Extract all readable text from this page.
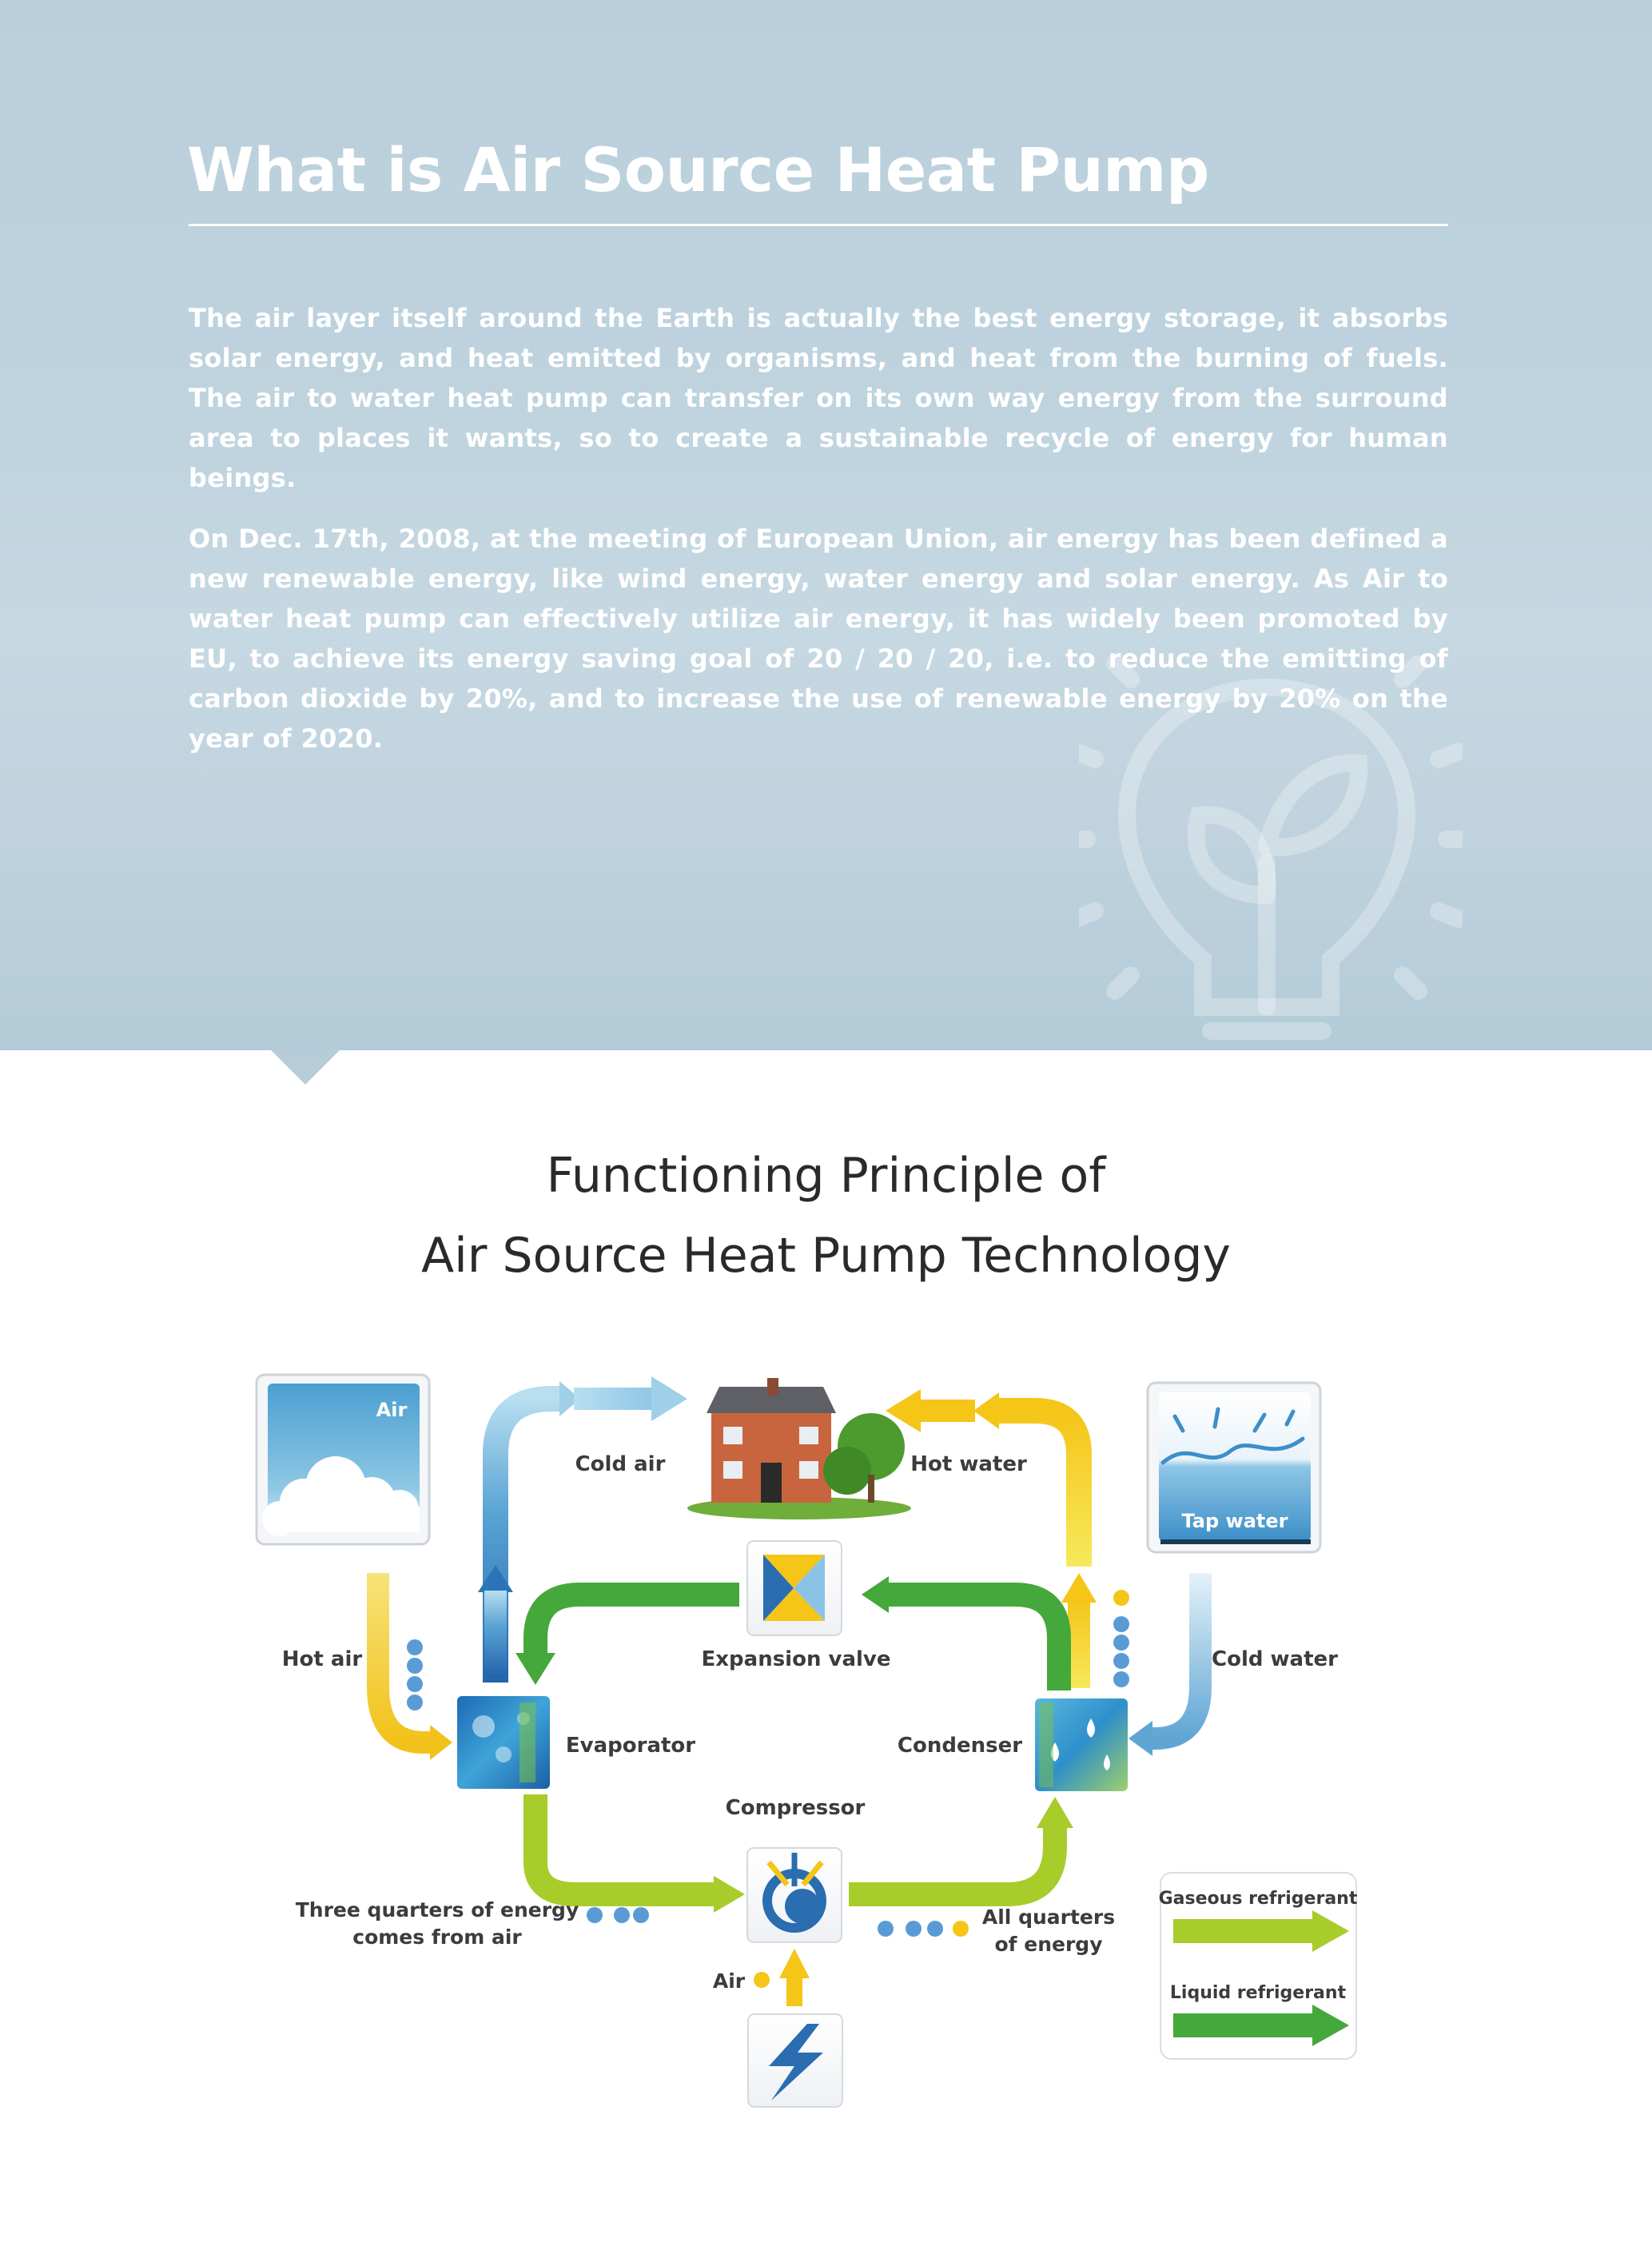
What is Air Source Heat Pump

The air layer itself around the Earth is actually the best energy storage, it absorbs solar energy, and heat emitted by organisms, and heat from the burning of fuels. The air to water heat pump can transfer on its own way energy from the surround area to places it wants, so to create a sustainable recycle of energy for human beings.

On Dec. 17th, 2008, at the meeting of European Union, air energy has been defined a new renewable energy, like wind energy, water energy and solar energy. As Air to water heat pump can effectively utilize air energy, it has widely been promoted by EU, to achieve its energy saving goal of 20 / 20 / 20, i.e. to reduce the emitting of carbon dioxide by 20%, and to increase the use of renewable energy by 20% on the year of 2020.

Functioning Principle of
Air Source Heat Pump Technology
Air
Tap water
Cold air	Hot water
Hot air	Cold water
Expansion valve
Evaporator	Condenser
Compressor
Three quarters of energy
comes from air
All quarters
of energy
Air
Gaseous refrigerant
Liquid refrigerant
